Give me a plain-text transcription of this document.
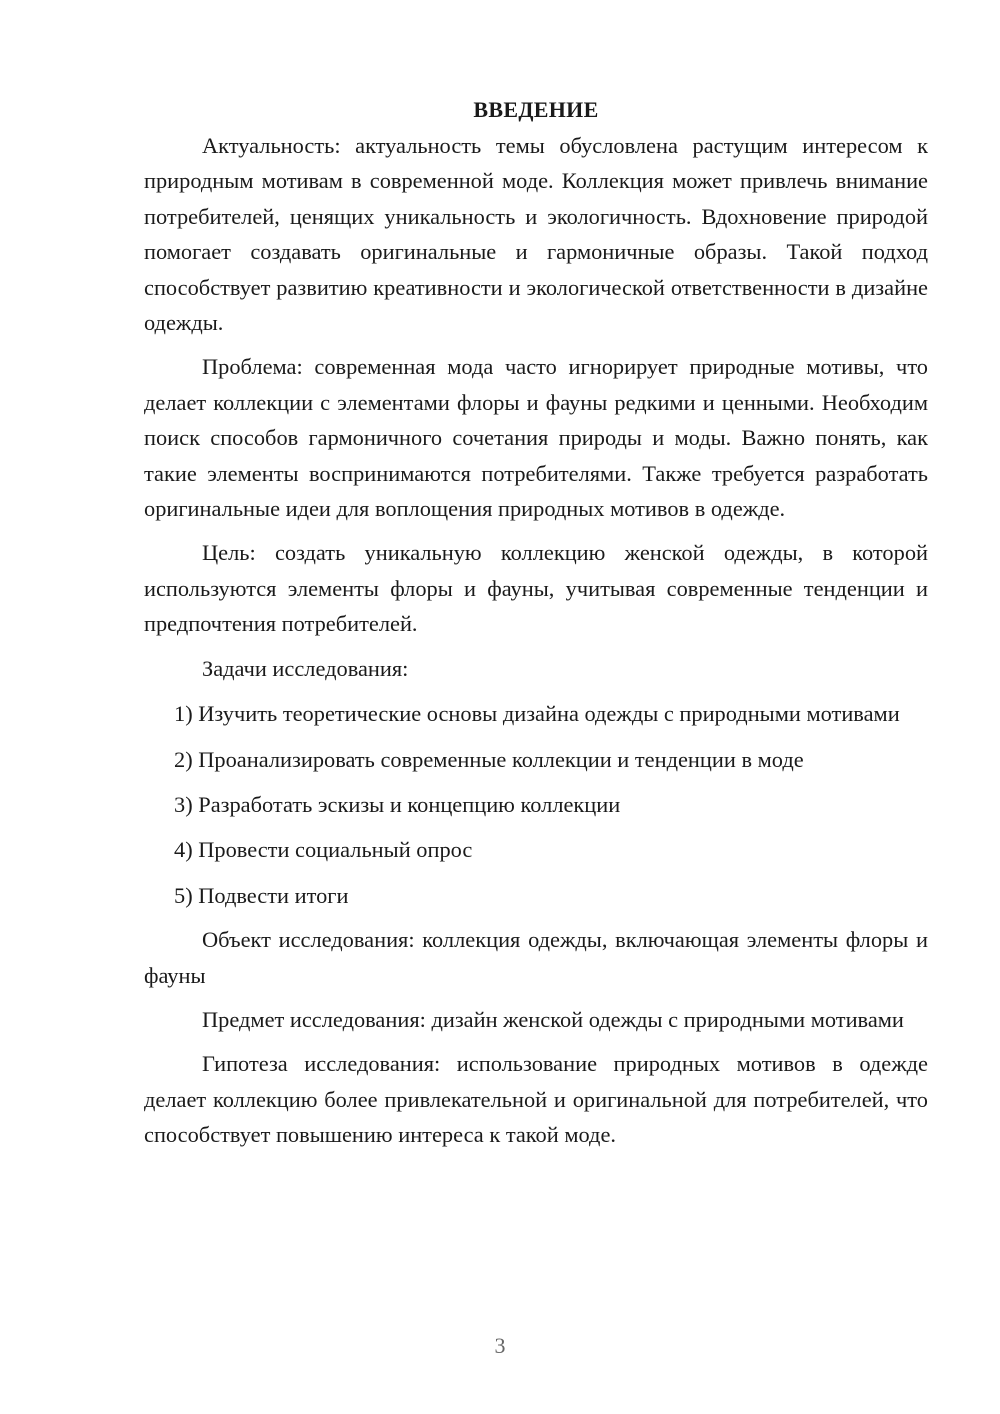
ВВЕДЕНИЕ

Актуальность: актуальность темы обусловлена растущим интересом к природным мотивам в современной моде. Коллекция может привлечь внимание потребителей, ценящих уникальность и экологичность. Вдохновение природой помогает создавать оригинальные и гармоничные образы. Такой подход способствует развитию креативности и экологической ответственности в дизайне одежды.

Проблема: современная мода часто игнорирует природные мотивы, что делает коллекции с элементами флоры и фауны редкими и ценными. Необходим поиск способов гармоничного сочетания природы и моды. Важно понять, как такие элементы воспринимаются потребителями. Также требуется разработать оригинальные идеи для воплощения природных мотивов в одежде.

Цель: создать уникальную коллекцию женской одежды, в которой используются элементы флоры и фауны, учитывая современные тенденции и предпочтения потребителей.

Задачи исследования:

1) Изучить теоретические основы дизайна одежды с природными мотивами

2) Проанализировать современные коллекции и тенденции в моде

3) Разработать эскизы и концепцию коллекции

4) Провести социальный опрос

5) Подвести итоги

Объект исследования: коллекция одежды, включающая элементы флоры и фауны

Предмет исследования: дизайн женской одежды с природными мотивами

Гипотеза исследования: использование природных мотивов в одежде делает коллекцию более привлекательной и оригинальной для потребителей, что способствует повышению интереса к такой моде.

3
